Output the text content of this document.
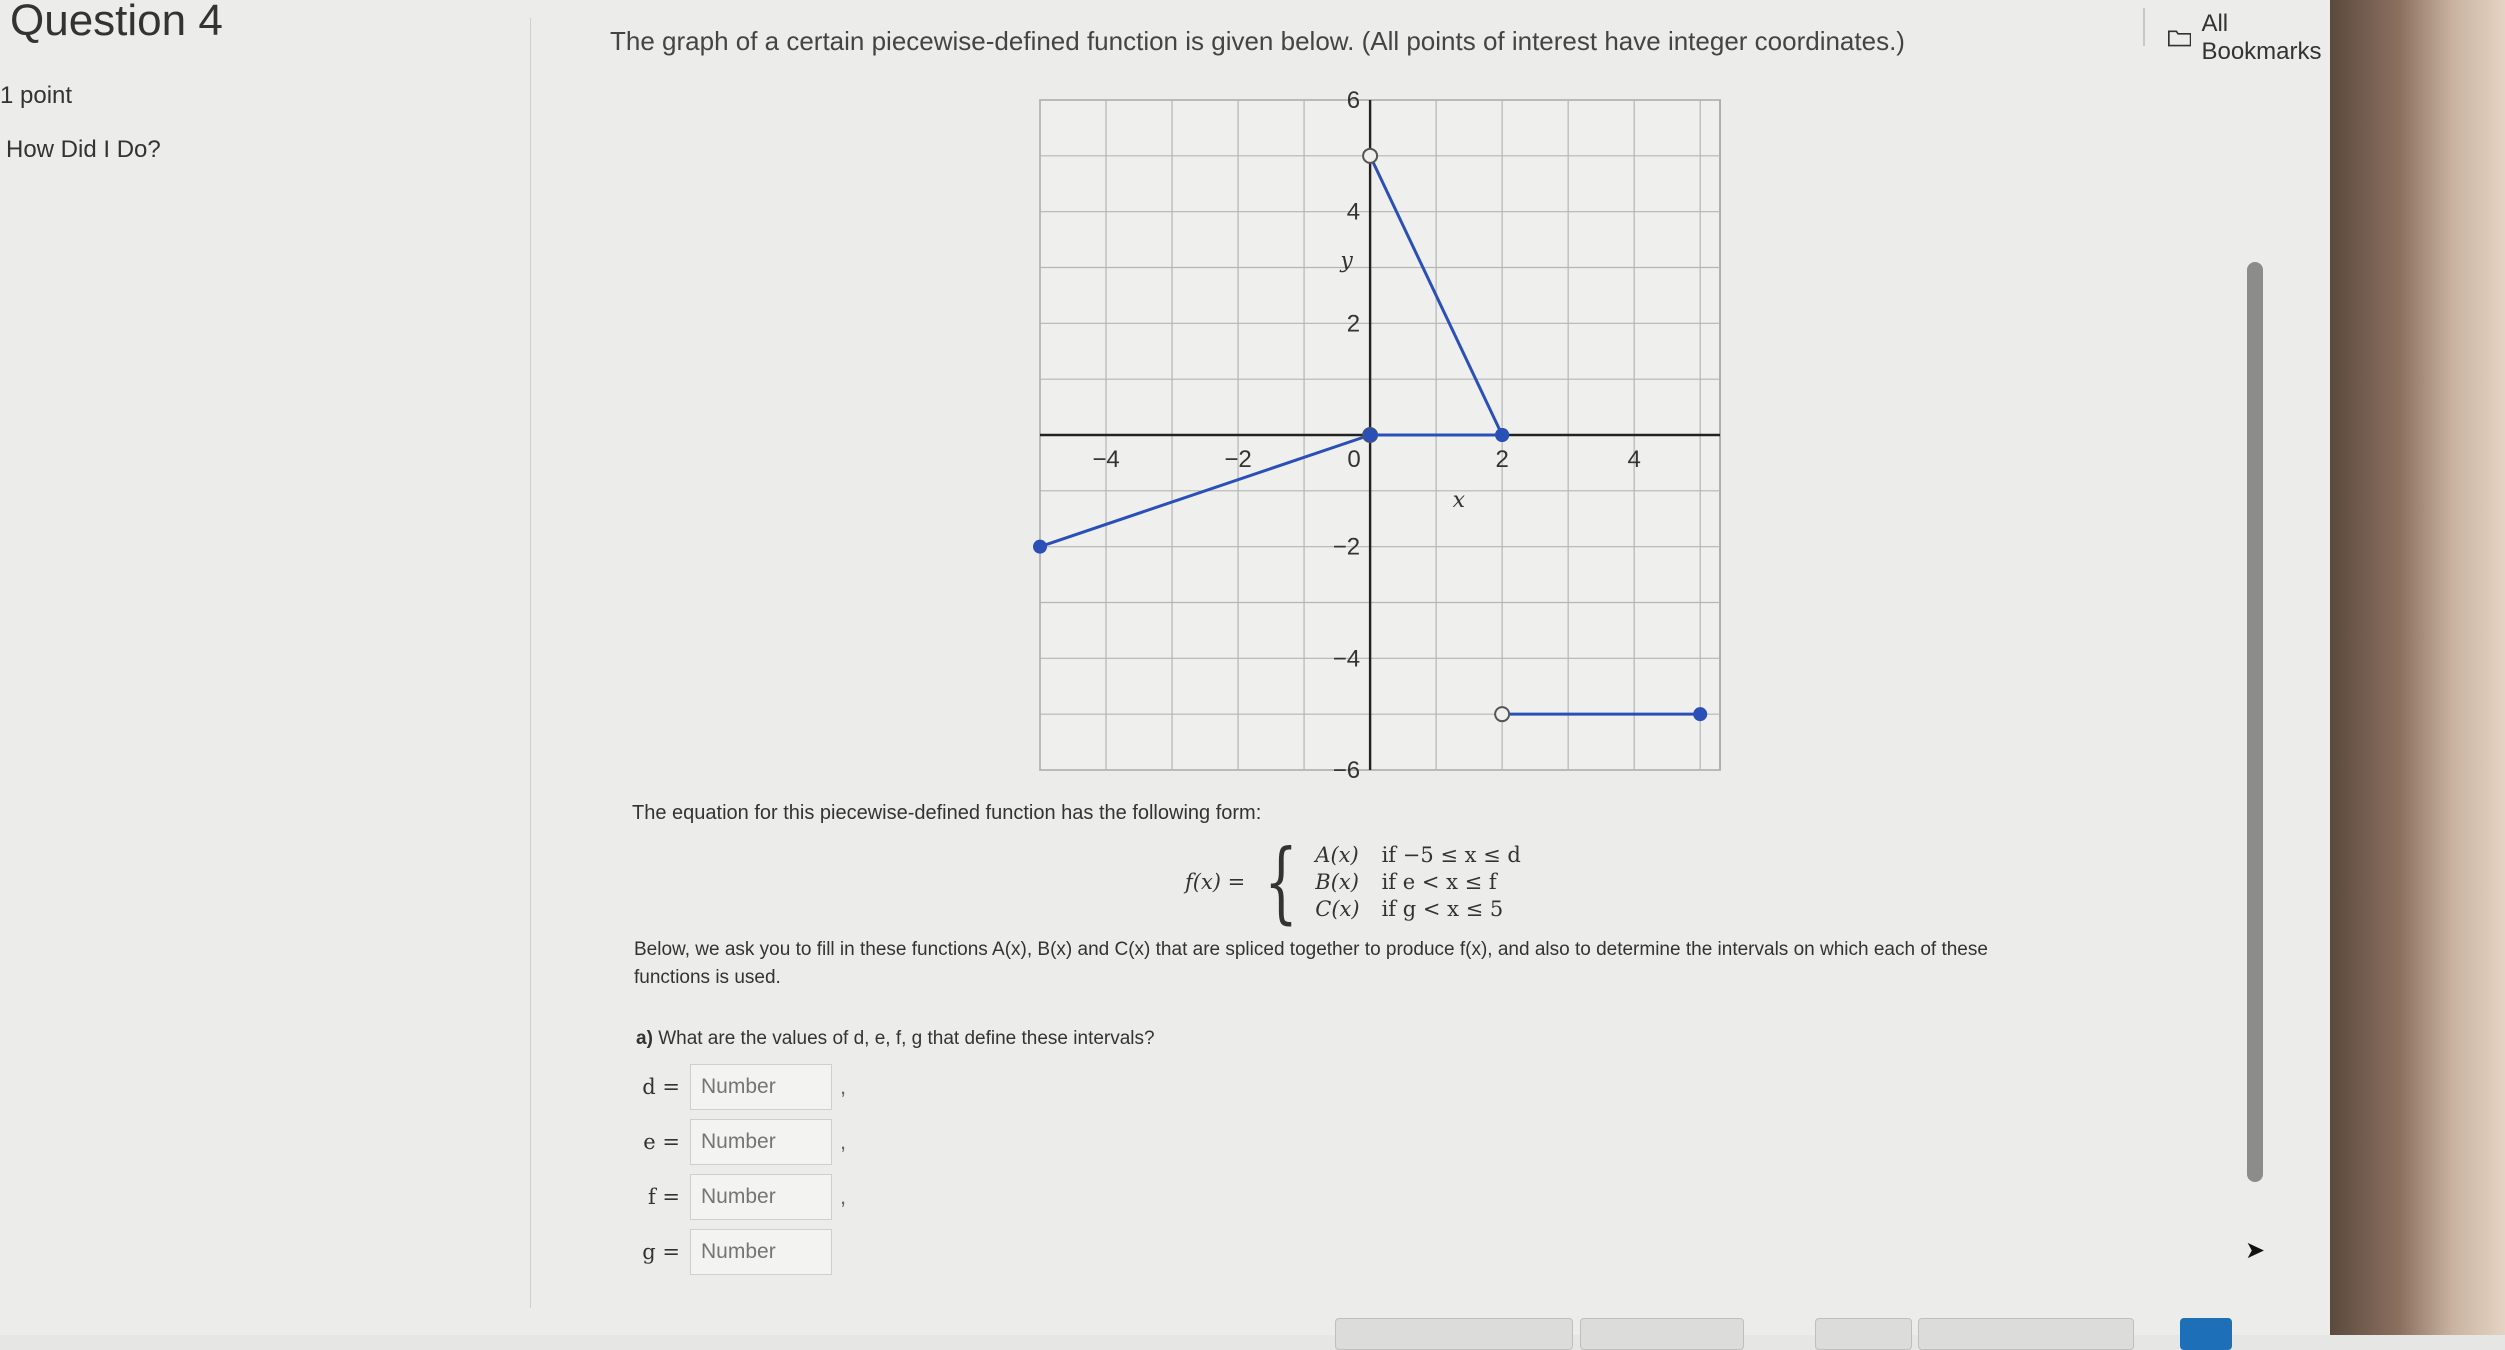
Question 4
1 point
How Did I Do?
The graph of a certain piecewise-defined function is given below. (All points of interest have integer coordinates.)
All Bookmarks
−4	−2	0	2	4
6
4
2
−2
−4
−6
x
y
The equation for this piecewise-defined function has the following form:
f(x) = { A(x) if −5 ≤ x ≤ d
B(x) if e < x ≤ f
C(x) if g < x ≤ 5
Below, we ask you to fill in these functions A(x), B(x) and C(x) that are spliced together to produce f(x), and also to determine the intervals on which each of these functions is used.
a) What are the values of d, e, f, g that define these intervals?
d =
Number	,
e =
Number	,
f =
Number	,
g =
Number	➤
